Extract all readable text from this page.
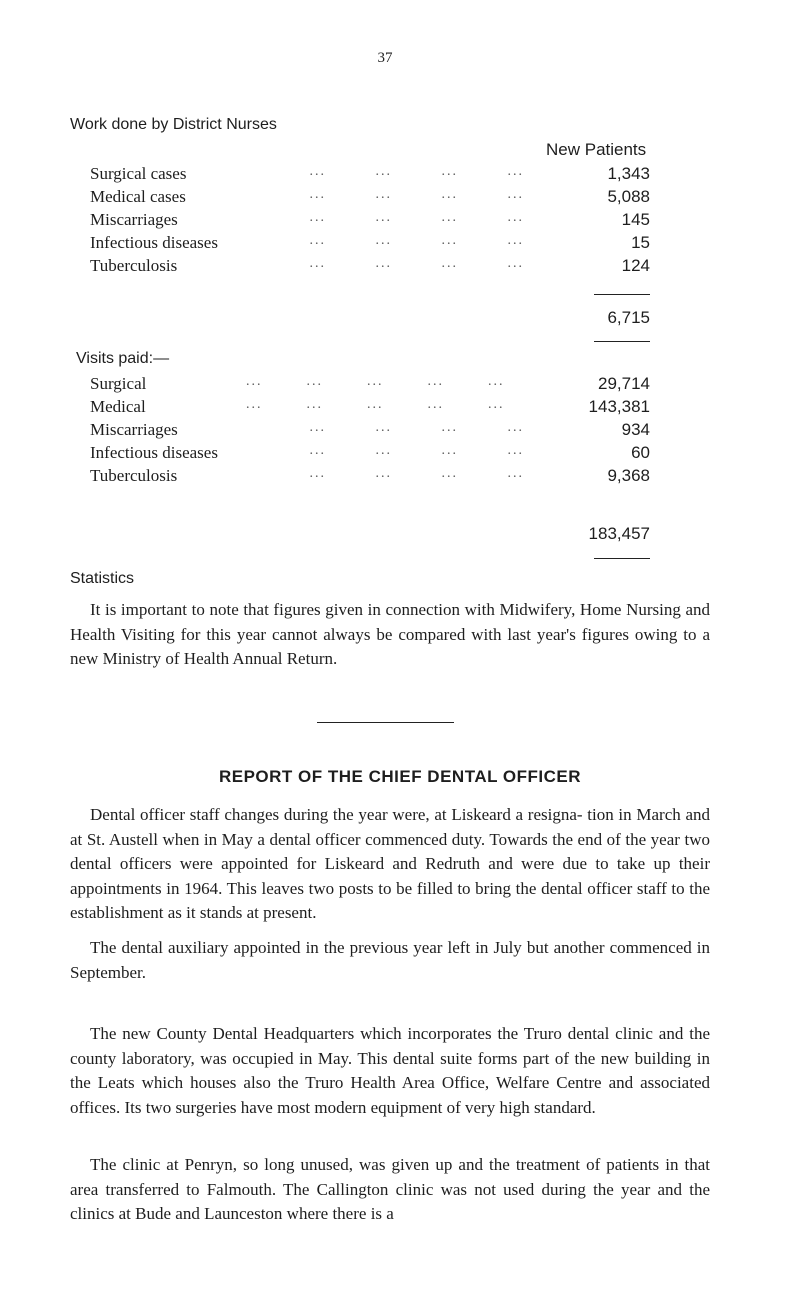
37
Work done by District Nurses
New Patients
Surgical cases	...         ...         ...         ...	1,343
Medical cases	...         ...         ...         ...	5,088
Miscarriages	...         ...         ...         ...	145
Infectious diseases	...         ...         ...         ...	15
Tuberculosis	...         ...         ...         ...	124
6,715
Visits paid:—
Surgical	...        ...        ...        ...        ...	29,714
Medical	...        ...        ...        ...        ...	143,381
Miscarriages	...         ...         ...         ...	934
Infectious diseases	...         ...         ...         ...	60
Tuberculosis	...         ...         ...         ...	9,368
183,457
Statistics

It is important to note that figures given in connection with Midwifery, Home Nursing and Health Visiting for this year cannot always be compared with last year's figures owing to a new Ministry of Health Annual Return.

REPORT OF THE CHIEF DENTAL OFFICER

Dental officer staff changes during the year were, at Liskeard a resigna- tion in March and at St. Austell when in May a dental officer commenced duty. Towards the end of the year two dental officers were appointed for Liskeard and Redruth and were due to take up their appointments in 1964. This leaves two posts to be filled to bring the dental officer staff to the establishment as it stands at present.

The dental auxiliary appointed in the previous year left in July but another commenced in September.

The new County Dental Headquarters which incorporates the Truro dental clinic and the county laboratory, was occupied in May. This dental suite forms part of the new building in the Leats which houses also the Truro Health Area Office, Welfare Centre and associated offices. Its two surgeries have most modern equipment of very high standard.

The clinic at Penryn, so long unused, was given up and the treatment of patients in that area transferred to Falmouth. The Callington clinic was not used during the year and the clinics at Bude and Launceston where there is a
